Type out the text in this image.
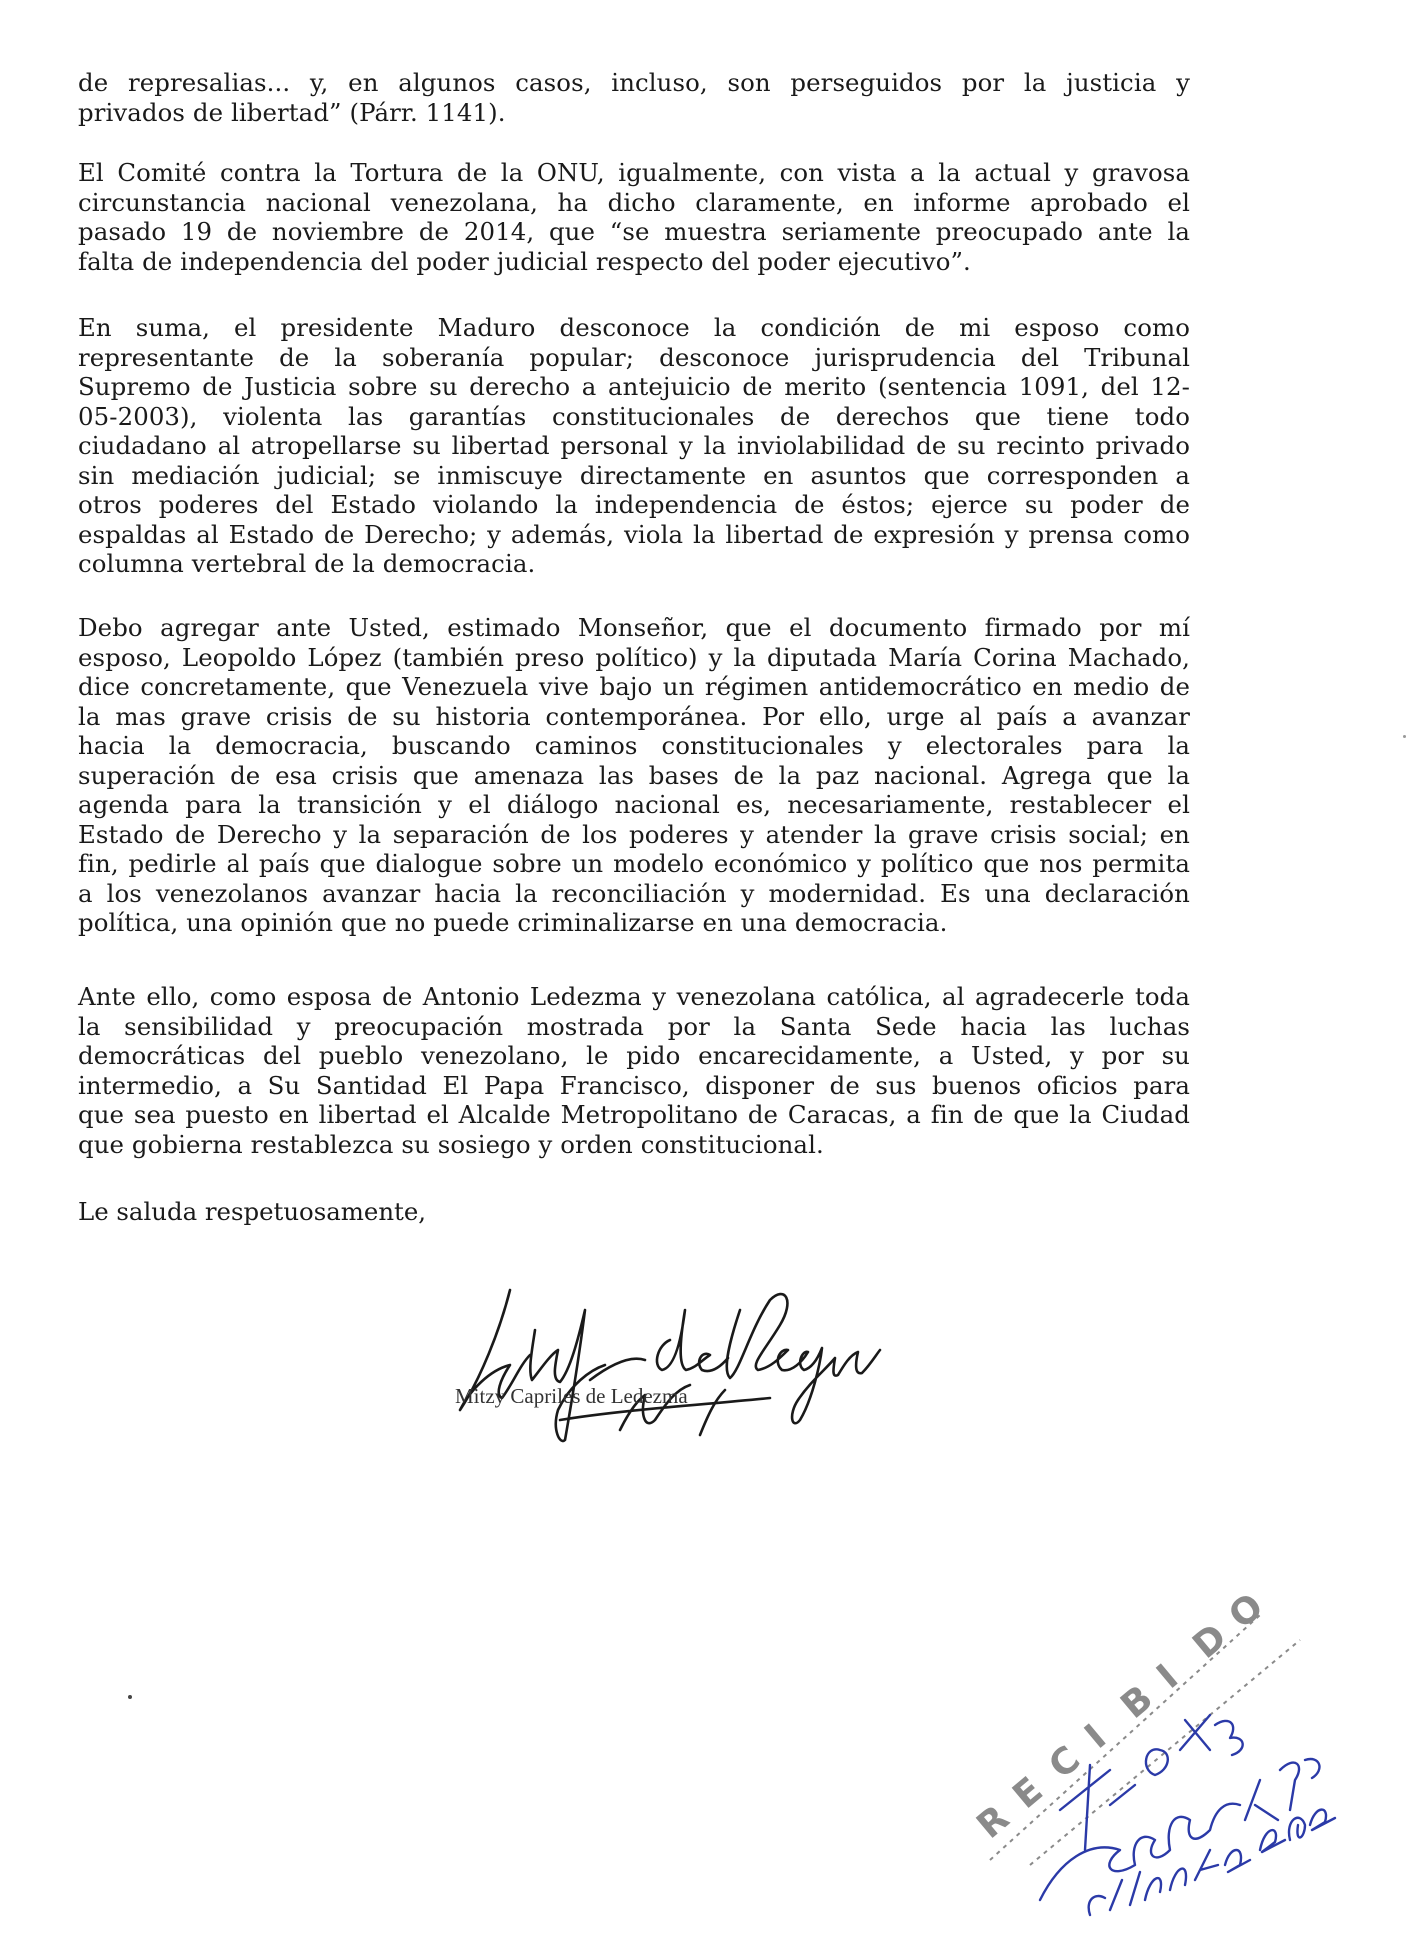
de represalias... y, en algunos casos, incluso, son perseguidos por la justicia y
privados de libertad” (Párr. 1141).
El Comité contra la Tortura de la ONU, igualmente, con vista a la actual y gravosa
circunstancia nacional venezolana, ha dicho claramente, en informe aprobado el
pasado 19 de noviembre de 2014, que “se muestra seriamente preocupado ante la
falta de independencia del poder judicial respecto del poder ejecutivo”.
En suma, el presidente Maduro desconoce la condición de mi esposo como
representante de la soberanía popular; desconoce jurisprudencia del Tribunal
Supremo de Justicia sobre su derecho a antejuicio de merito (sentencia 1091, del 12-
05-2003), violenta las garantías constitucionales de derechos que tiene todo
ciudadano al atropellarse su libertad personal y la inviolabilidad de su recinto privado
sin mediación judicial; se inmiscuye directamente en asuntos que corresponden a
otros poderes del Estado violando la independencia de éstos; ejerce su poder de
espaldas al Estado de Derecho; y además, viola la libertad de expresión y prensa como
columna vertebral de la democracia.
Debo agregar ante Usted, estimado Monseñor, que el documento firmado por mí
esposo, Leopoldo López (también preso político) y la diputada María Corina Machado,
dice concretamente, que Venezuela vive bajo un régimen antidemocrático en medio de
la mas grave crisis de su historia contemporánea. Por ello, urge al país a avanzar
hacia la democracia, buscando caminos constitucionales y electorales para la
superación de esa crisis que amenaza las bases de la paz nacional. Agrega que la
agenda para la transición y el diálogo nacional es, necesariamente, restablecer el
Estado de Derecho y la separación de los poderes y atender la grave crisis social; en
fin, pedirle al país que dialogue sobre un modelo económico y político que nos permita
a los venezolanos avanzar hacia la reconciliación y modernidad. Es una declaración
política, una opinión que no puede criminalizarse en una democracia.
Ante ello, como esposa de Antonio Ledezma y venezolana católica, al agradecerle toda
la sensibilidad y preocupación mostrada por la Santa Sede hacia las luchas
democráticas del pueblo venezolano, le pido encarecidamente, a Usted, y por su
intermedio, a Su Santidad El Papa Francisco, disponer de sus buenos oficios para
que sea puesto en libertad el Alcalde Metropolitano de Caracas, a fin de que la Ciudad
que gobierna restablezca su sosiego y orden constitucional.
Le saluda respetuosamente,
Mitzy Capriles de Ledezma
R
E
C
I
B
I
D
O
